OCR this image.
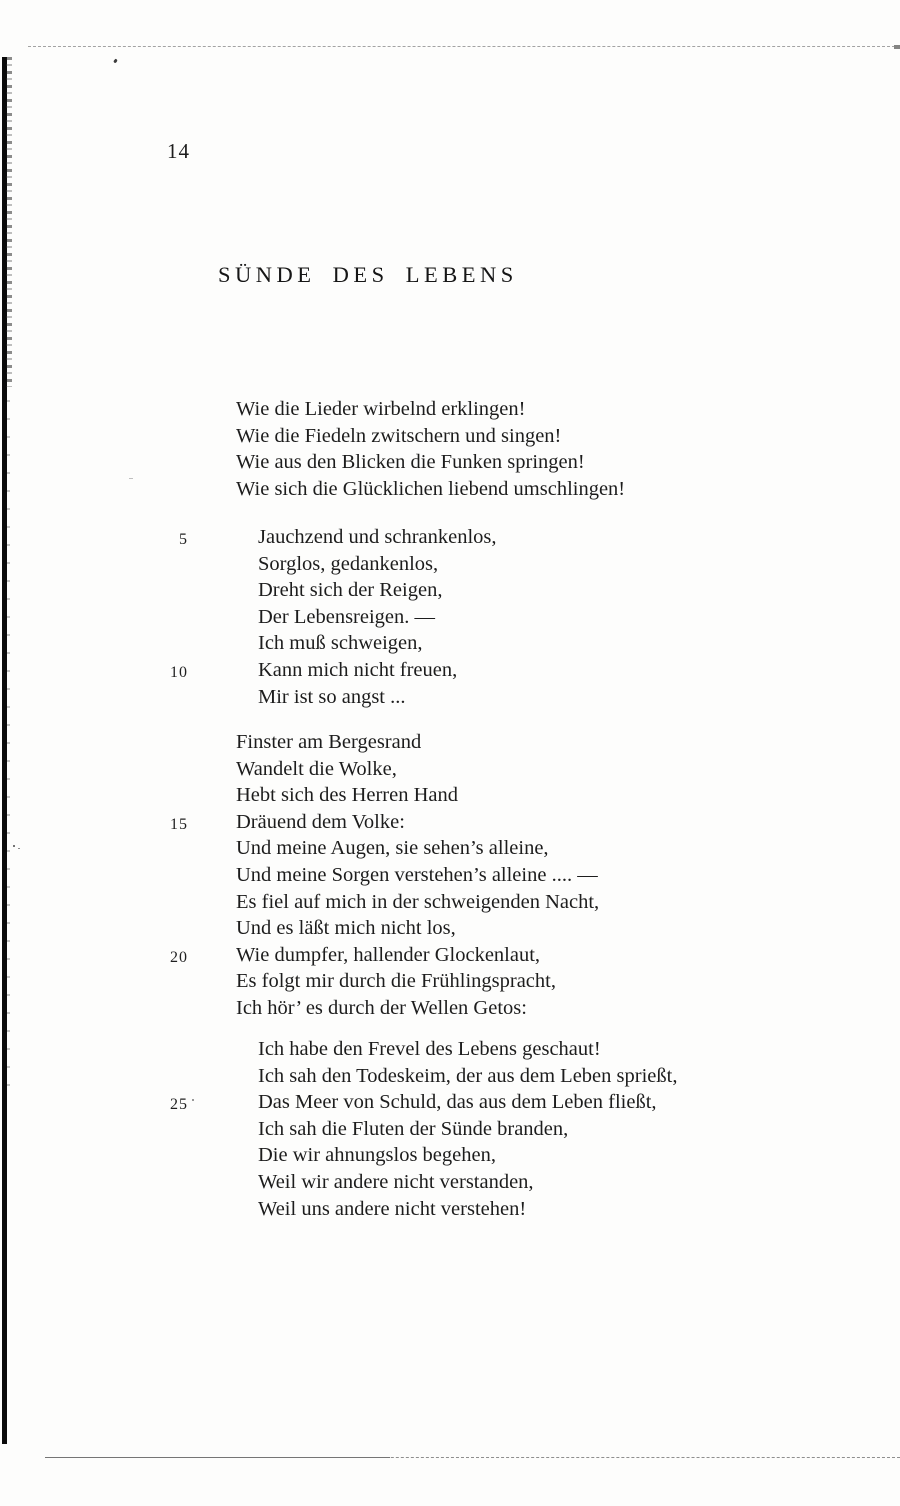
14
SÜNDE DES LEBENS
Wie die Lieder wirbelnd erklingen!
Wie die Fiedeln zwitschern und singen!
Wie aus den Blicken die Funken springen!
Wie sich die Glücklichen liebend umschlingen!
5	Jauchzend und schrankenlos,
Sorglos, gedankenlos,
Dreht sich der Reigen,
Der Lebensreigen. —
Ich muß schweigen,
10	Kann mich nicht freuen,
Mir ist so angst ...
Finster am Bergesrand
Wandelt die Wolke,
Hebt sich des Herren Hand
15 Dräuend dem Volke:
Und meine Augen, sie sehen’s alleine,
Und meine Sorgen verstehen’s alleine .... —
Es fiel auf mich in der schweigenden Nacht,
Und es läßt mich nicht los,
20 Wie dumpfer, hallender Glockenlaut,
Es folgt mir durch die Frühlingspracht,
Ich hör’ es durch der Wellen Getos:
Ich habe den Frevel des Lebens geschaut!
Ich sah den Todeskeim, der aus dem Leben sprießt,
25	Das Meer von Schuld, das aus dem Leben fließt,
Ich sah die Fluten der Sünde branden,
Die wir ahnungslos begehen,
Weil wir andere nicht verstanden,
Weil uns andere nicht verstehen!
